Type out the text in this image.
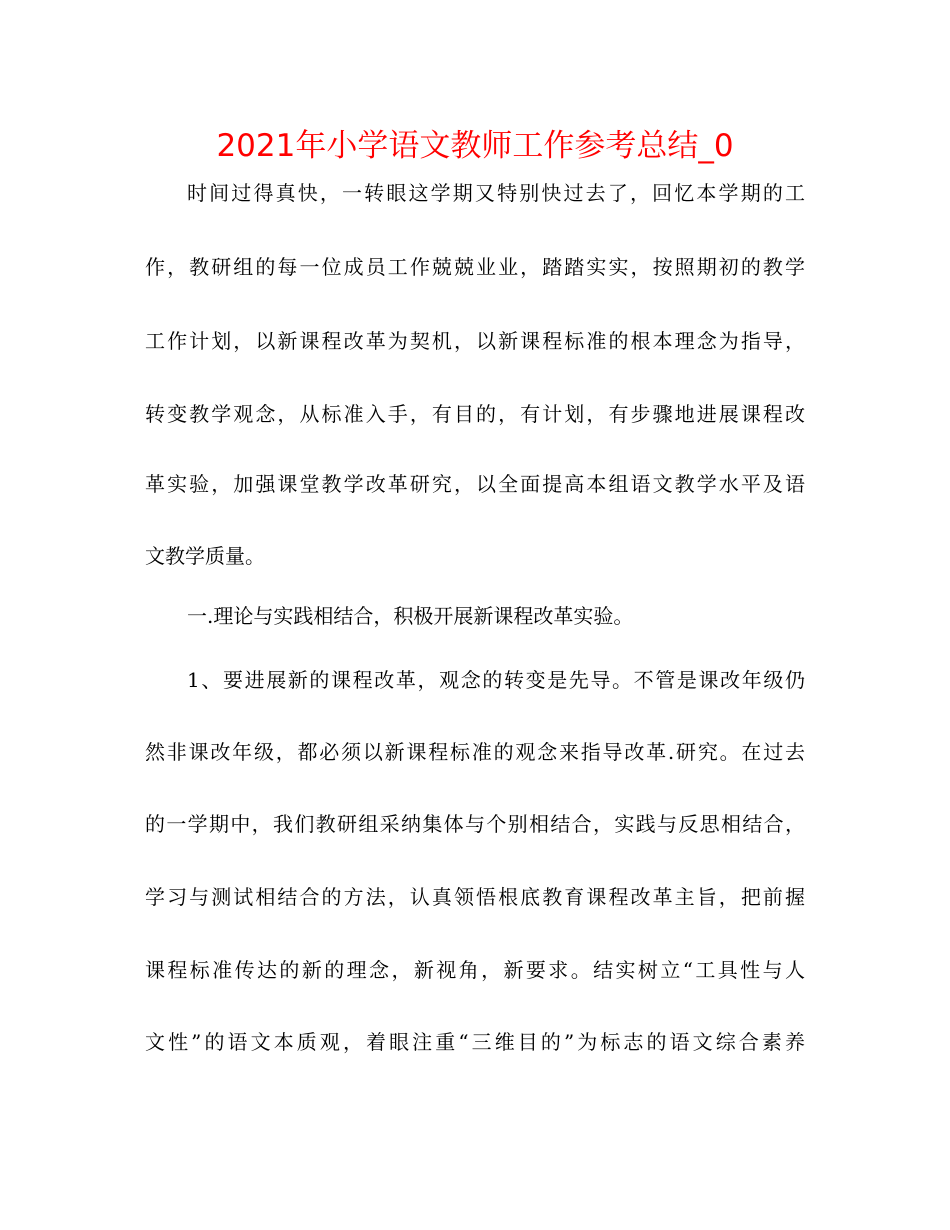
2021年小学语文教师工作参考总结_0
时间过得真快，一转眼这学期又特别快过去了，回忆本学期的工
作，教研组的每一位成员工作兢兢业业，踏踏实实，按照期初的教学
工作计划，以新课程改革为契机，以新课程标准的根本理念为指导，
转变教学观念，从标准入手，有目的，有计划，有步骤地进展课程改
革实验，加强课堂教学改革研究，以全面提高本组语文教学水平及语
文教学质量。
一.理论与实践相结合，积极开展新课程改革实验。
1、要进展新的课程改革，观念的转变是先导。不管是课改年级仍
然非课改年级，都必须以新课程标准的观念来指导改革.研究。在过去
的一学期中，我们教研组采纳集体与个别相结合，实践与反思相结合，
学习与测试相结合的方法，认真领悟根底教育课程改革主旨，把前握
课程标准传达的新的理念，新视角，新要求。结实树立“工具性与人
文性”的语文本质观，着眼注重“三维目的”为标志的语文综合素养
